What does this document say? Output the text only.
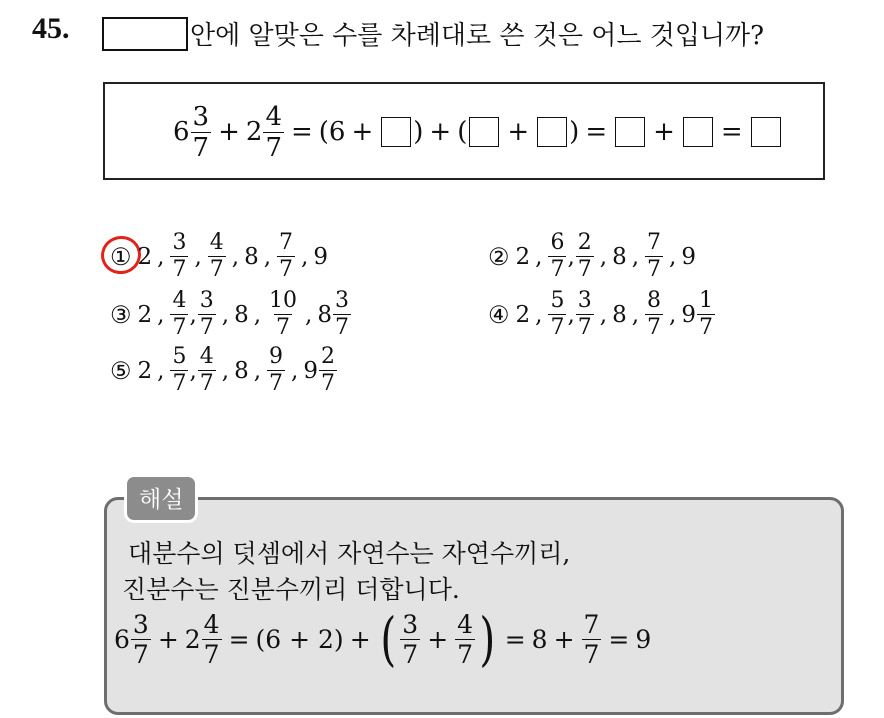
45.	안에 알맞은 수를 차례대로 쓴 것은 어느 것입니까?
$6 \frac{3}{7} + 2 \frac{4}{7} = (6$ + ) + ( + ) = + =
① 2 , $\frac{3}{7}$ , $\frac{4}{7}$ , 8 , $\frac{7}{7}$ , 9	② 2 , $\frac{6}{7}$ , $\frac{2}{7}$ , 8 , $\frac{7}{7}$ , 9
③ 2 , $\frac{4}{7}$ , $\frac{3}{7}$ , 8 , $\frac{10}{7}$ , $8 \frac{3}{7}$	④ 2 , $\frac{5}{7}$ , $\frac{3}{7}$ , 8 , $\frac{8}{7}$ , $9 \frac{1}{7}$
⑤ 2 , $\frac{5}{7}$ , $\frac{4}{7}$ , 8 , $\frac{9}{7}$ , $9 \frac{2}{7}$
해설
대분수의 덧셈에서 자연수는 자연수끼리,
진분수는 진분수끼리 더합니다.
$6 \frac{3}{7} + 2 \frac{4}{7} = (6 + 2)$ + ( $\frac{3}{7} + \frac{4}{7}$ ) = $8 + \frac{7}{7} = 9$
